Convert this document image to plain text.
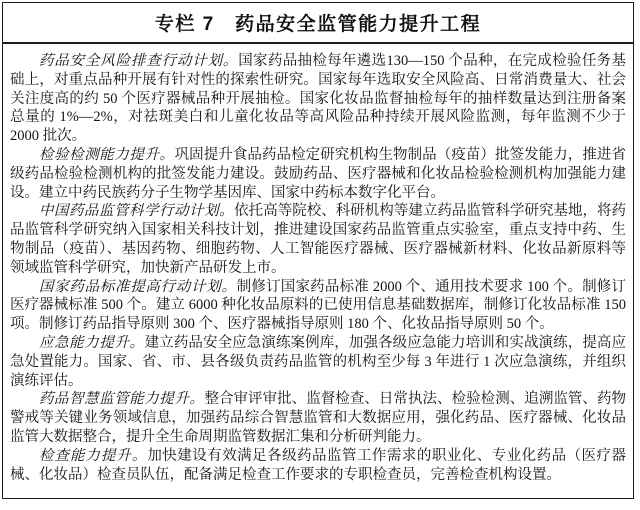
专栏 7　药品安全监管能力提升工程

药品安全风险排查行动计划。国家药品抽检每年遴选130—150 个品种，在完成检验任务基础上，对重点品种开展有针对性的探索性研究。国家每年选取安全风险高、日常消费量大、社会关注度高的约 50 个医疗器械品种开展抽检。国家化妆品监督抽检每年的抽样数量达到注册备案总量的 1%—2%，对祛斑美白和儿童化妆品等高风险品种持续开展风险监测，每年监测不少于 2000 批次。

检验检测能力提升。巩固提升食品药品检定研究机构生物制品（疫苗）批签发能力，推进省级药品检验检测机构的批签发能力建设。鼓励药品、医疗器械和化妆品检验检测机构加强能力建设。建立中药民族药分子生物学基因库、国家中药标本数字化平台。

中国药品监管科学行动计划。依托高等院校、科研机构等建立药品监管科学研究基地，将药品监管科学研究纳入国家相关科技计划，推进建设国家药品监管重点实验室，重点支持中药、生物制品（疫苗）、基因药物、细胞药物、人工智能医疗器械、医疗器械新材料、化妆品新原料等领域监管科学研究，加快新产品研发上市。

国家药品标准提高行动计划。制修订国家药品标准 2000 个、通用技术要求 100 个。制修订医疗器械标准 500 个。建立 6000 种化妆品原料的已使用信息基础数据库，制修订化妆品标准 150 项。制修订药品指导原则 300 个、医疗器械指导原则 180 个、化妆品指导原则 50 个。

应急能力提升。建立药品安全应急演练案例库，加强各级应急能力培训和实战演练，提高应急处置能力。国家、省、市、县各级负责药品监管的机构至少每 3 年进行 1 次应急演练，并组织演练评估。

药品智慧监管能力提升。整合审评审批、监督检查、日常执法、检验检测、追溯监管、药物警戒等关键业务领域信息，加强药品综合智慧监管和大数据应用，强化药品、医疗器械、化妆品监管大数据整合，提升全生命周期监管数据汇集和分析研判能力。

检查能力提升。加快建设有效满足各级药品监管工作需求的职业化、专业化药品（医疗器械、化妆品）检查员队伍，配备满足检查工作要求的专职检查员，完善检查机构设置。
